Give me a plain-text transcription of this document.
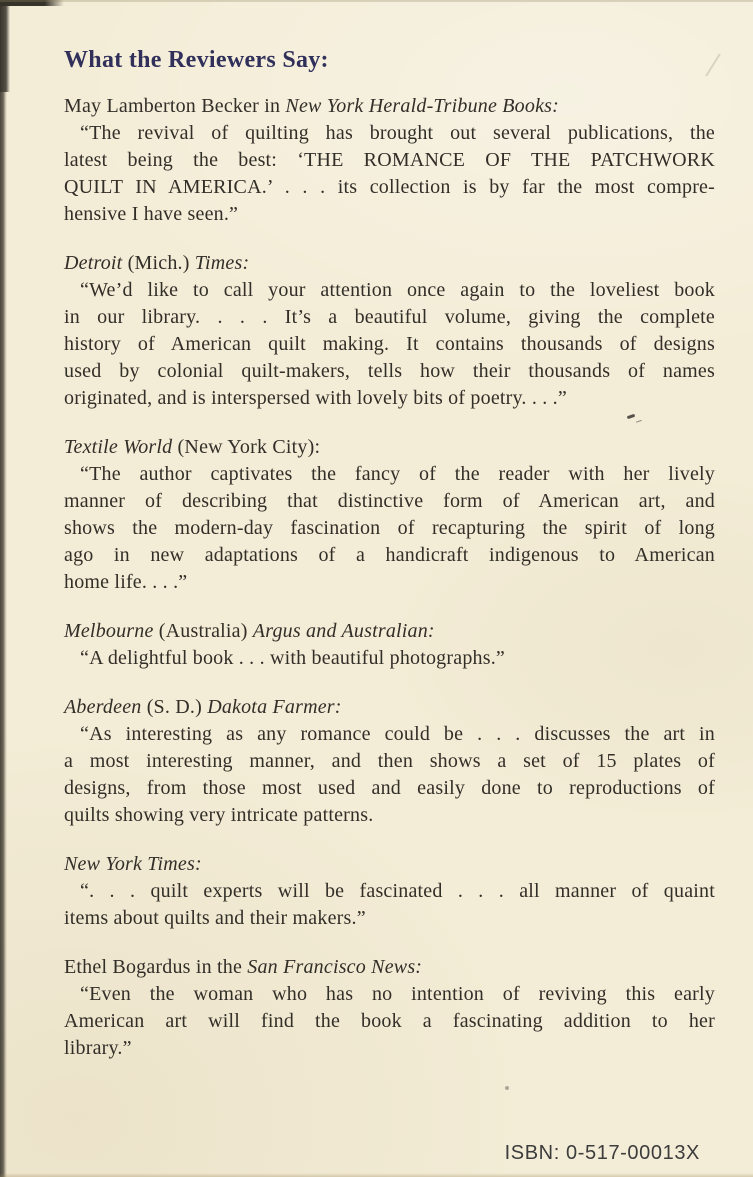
What the Reviewers Say:

May Lamberton Becker in New York Herald-Tribune Books:

“The revival of quilting has brought out several publications, the
latest being the best: ‘THE ROMANCE OF THE PATCHWORK
QUILT IN AMERICA.’ . . . its collection is by far the most compre-
hensive I have seen.”

Detroit (Mich.) Times:

“We’d like to call your attention once again to the loveliest book
in our library. . . . It’s a beautiful volume, giving the complete
history of American quilt making. It contains thousands of designs
used by colonial quilt-makers, tells how their thousands of names
originated, and is interspersed with lovely bits of poetry. . . .”

Textile World (New York City):

“The author captivates the fancy of the reader with her lively
manner of describing that distinctive form of American art, and
shows the modern-day fascination of recapturing the spirit of long
ago in new adaptations of a handicraft indigenous to American
home life. . . .”

Melbourne (Australia) Argus and Australian:

“A delightful book . . . with beautiful photographs.”

Aberdeen (S. D.) Dakota Farmer:

“As interesting as any romance could be . . . discusses the art in
a most interesting manner, and then shows a set of 15 plates of
designs, from those most used and easily done to reproductions of
quilts showing very intricate patterns.

New York Times:

“. . . quilt experts will be fascinated . . . all manner of quaint
items about quilts and their makers.”

Ethel Bogardus in the San Francisco News:

“Even the woman who has no intention of reviving this early
American art will find the book a fascinating addition to her
library.”
ISBN: 0-517-00013X
